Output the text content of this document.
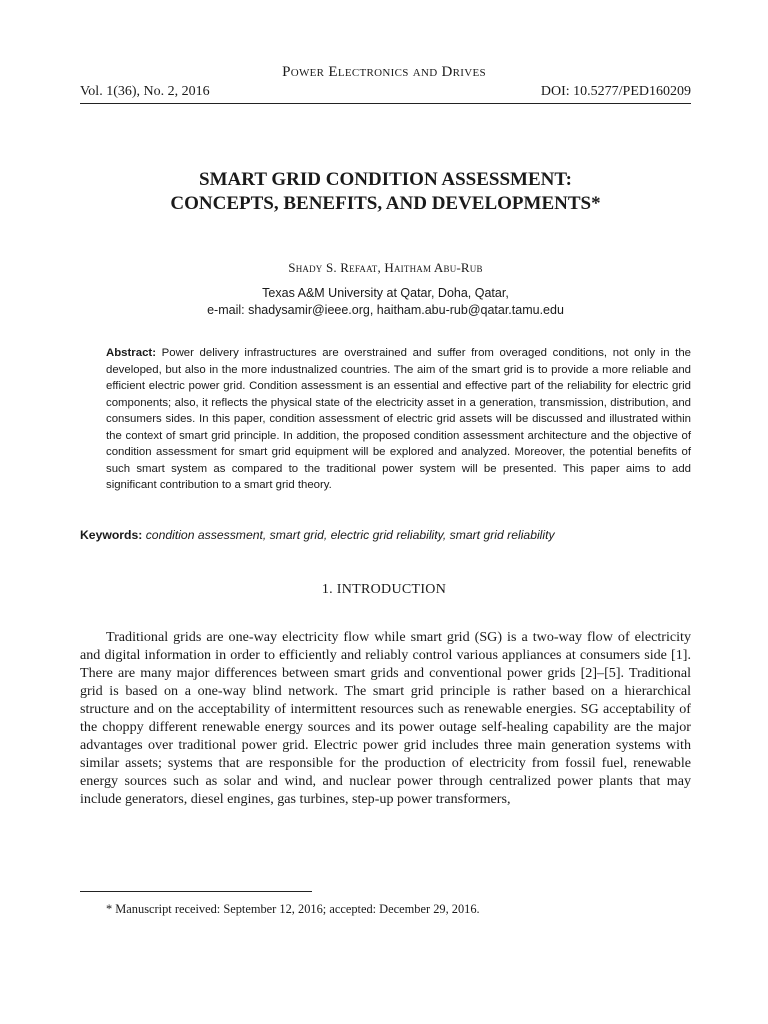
Power Electronics and Drives
Vol. 1(36), No. 2, 2016	DOI: 10.5277/PED160209
SMART GRID CONDITION ASSESSMENT:
CONCEPTS, BENEFITS, AND DEVELOPMENTS*
Shady S. Refaat, Haitham Abu-Rub
Texas A&M University at Qatar, Doha, Qatar,
e-mail: shadysamir@ieee.org, haitham.abu-rub@qatar.tamu.edu

Abstract: Power delivery infrastructures are overstrained and suffer from overaged conditions, not only in the developed, but also in the more industnalized countries. The aim of the smart grid is to provide a more reliable and efficient electric power grid. Condition assessment is an essential and effective part of the reliability for electric grid components; also, it reflects the physical state of the electricity asset in a generation, transmission, distribution, and consumers sides. In this paper, condition assessment of electric grid assets will be discussed and illustrated within the context of smart grid principle. In addition, the proposed condition assessment architecture and the objective of condition assessment for smart grid equipment will be explored and analyzed. Moreover, the potential benefits of such smart system as compared to the traditional power system will be presented. This paper aims to add significant contribution to a smart grid theory.

Keywords: condition assessment, smart grid, electric grid reliability, smart grid reliability
1. INTRODUCTION

Traditional grids are one-way electricity flow while smart grid (SG) is a two-way flow of electricity and digital information in order to efficiently and reliably control various appliances at consumers side [1]. There are many major differences between smart grids and conventional power grids [2]–[5]. Traditional grid is based on a one-way blind network. The smart grid principle is rather based on a hierarchical structure and on the acceptability of intermittent resources such as renewable energies. SG acceptability of the choppy different renewable energy sources and its power outage self-healing capability are the major advantages over traditional power grid. Electric power grid includes three main generation systems with similar assets; systems that are responsible for the production of electricity from fossil fuel, renewable energy sources such as solar and wind, and nuclear power through centralized power plants that may include generators, diesel engines, gas turbines, step-up power transformers,

* Manuscript received: September 12, 2016; accepted: December 29, 2016.
